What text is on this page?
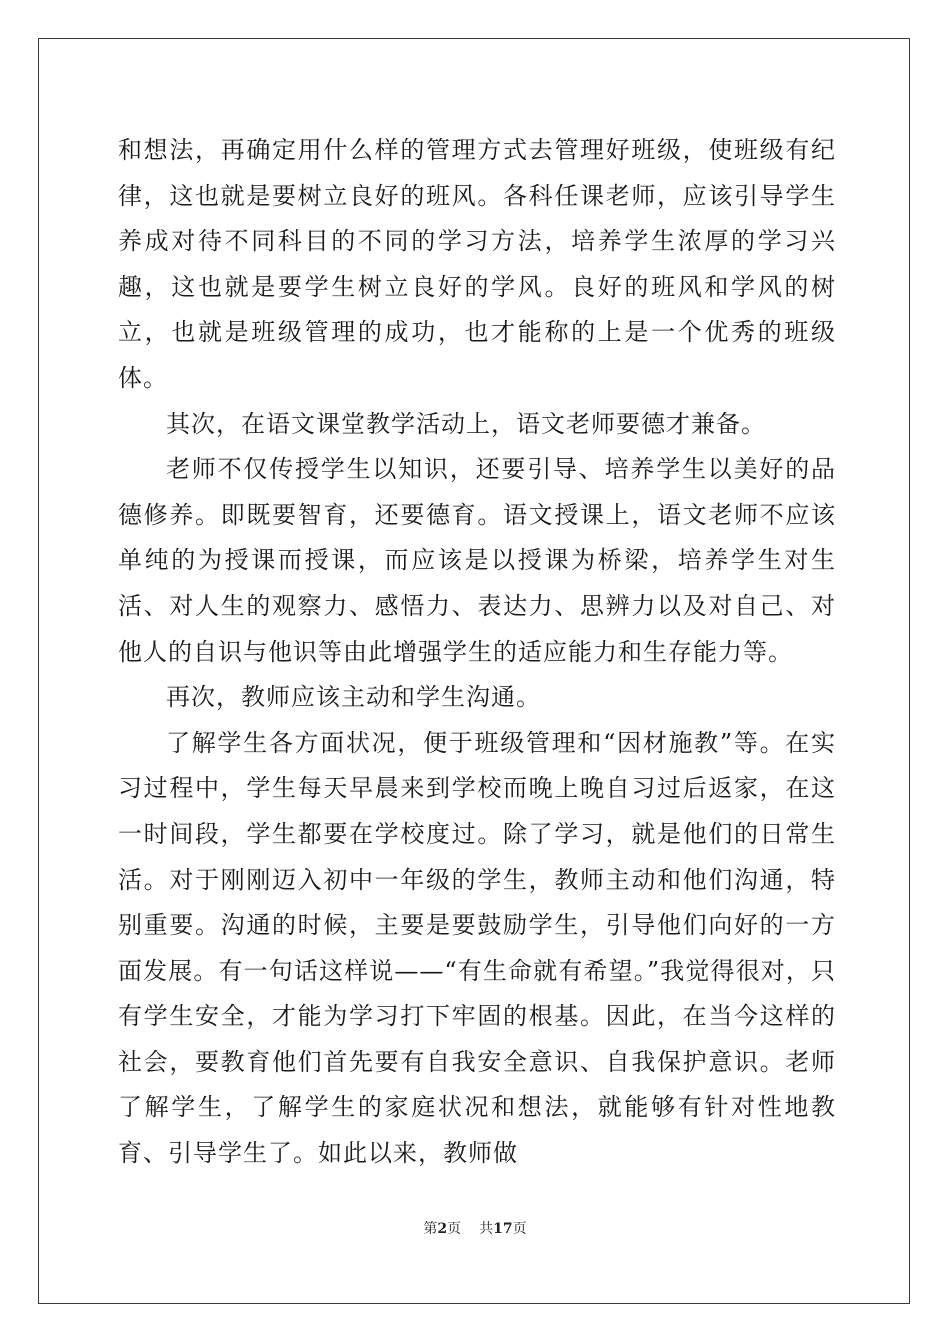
和想法，再确定用什么样的管理方式去管理好班级，使班级有纪律，这也就是要树立良好的班风。各科任课老师，应该引导学生养成对待不同科目的不同的学习方法，培养学生浓厚的学习兴趣，这也就是要学生树立良好的学风。良好的班风和学风的树立，也就是班级管理的成功，也才能称的上是一个优秀的班级体。

其次，在语文课堂教学活动上，语文老师要德才兼备。

老师不仅传授学生以知识，还要引导、培养学生以美好的品德修养。即既要智育，还要德育。语文授课上，语文老师不应该单纯的为授课而授课，而应该是以授课为桥梁，培养学生对生活、对人生的观察力、感悟力、表达力、思辨力以及对自己、对他人的自识与他识等由此增强学生的适应能力和生存能力等。

再次，教师应该主动和学生沟通。

了解学生各方面状况，便于班级管理和“因材施教”等。在实习过程中，学生每天早晨来到学校而晚上晚自习过后返家，在这一时间段，学生都要在学校度过。除了学习，就是他们的日常生活。对于刚刚迈入初中一年级的学生，教师主动和他们沟通，特别重要。沟通的时候，主要是要鼓励学生，引导他们向好的一方面发展。有一句话这样说——“有生命就有希望。”我觉得很对，只有学生安全，才能为学习打下牢固的根基。因此，在当今这样的社会，要教育他们首先要有自我安全意识、自我保护意识。老师了解学生，了解学生的家庭状况和想法，就能够有针对性地教育、引导学生了。如此以来，教师做

第2页 共17页
